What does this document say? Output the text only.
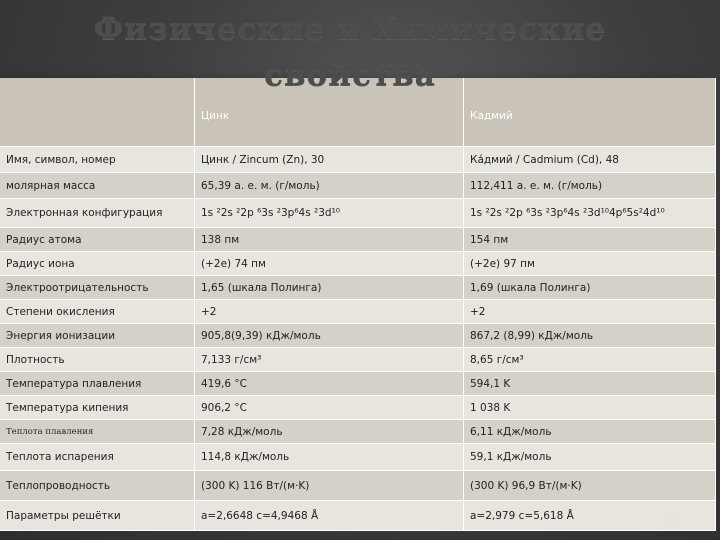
	Цинк	Кадмий
Имя, символ, номер	Цинк / Zincum (Zn), 30	Ка́дмий / Cadmium (Cd), 48
молярная масса	65,39 а. е. м. (г/моль)	112,411 а. е. м. (г/моль)
Электронная конфигурация	1s ²2s ²2p ⁶3s ²3p⁶4s ²3d¹⁰	1s ²2s ²2p ⁶3s ²3p⁶4s ²3d¹⁰4p⁶5s²4d¹⁰
Радиус атома	138 пм	154 пм
Радиус иона	(+2e) 74 пм	(+2e) 97 пм
Электроотрицательность	1,65 (шкала Полинга)	1,69 (шкала Полинга)
Степени окисления	+2	+2
Энергия ионизации	905,8(9,39) кДж/моль	867,2 (8,99) кДж/моль
Плотность	7,133 г/см³	8,65 г/см³
Температура плавления	419,6 °С	594,1 K
Температура кипения	906,2 °С	1 038 K
Теплота плавления	7,28 кДж/моль	6,11 кДж/моль
Теплота испарения	114,8 кДж/моль	59,1 кДж/моль
Теплопроводность	(300 K) 116 Вт/(м·K)	(300 K) 96,9 Вт/(м·K)
Параметры решётки	a=2,6648 c=4,9468 Å	a=2,979 c=5,618 Å
Физические и Химические свойства
11
